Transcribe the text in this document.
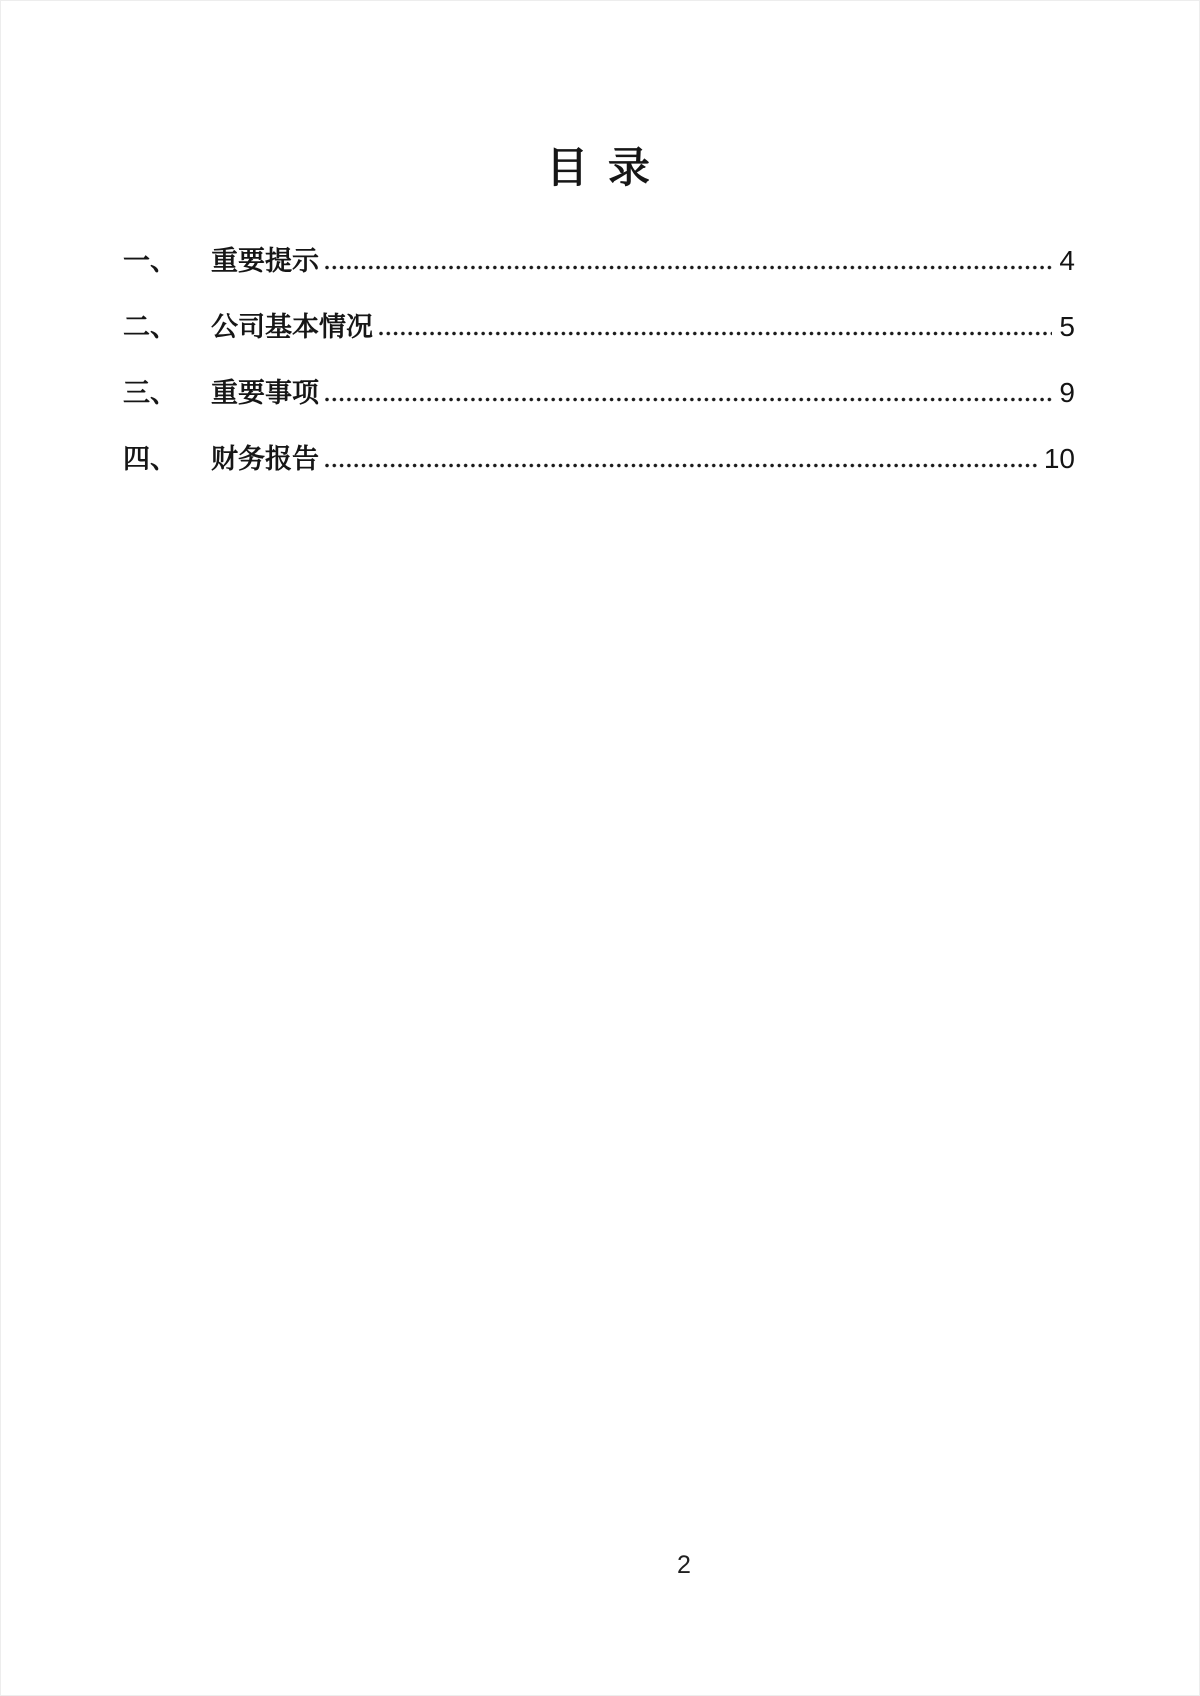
目 录
一、	重要提示	4
二、	公司基本情况	5
三、	重要事项	9
四、	财务报告	10
2
